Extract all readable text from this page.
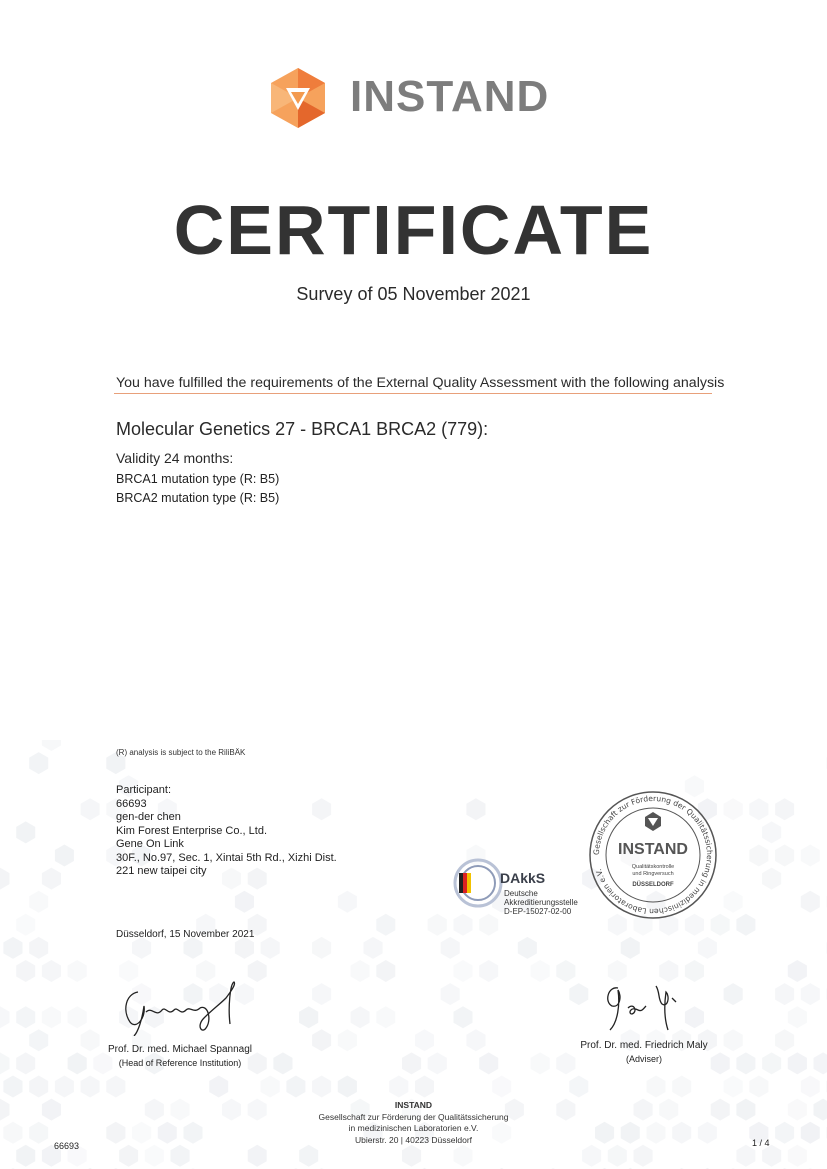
INSTAND
CERTIFICATE
Survey of 05 November 2021
You have fulfilled the requirements of the External Quality Assessment with the following analysis
Molecular Genetics 27 - BRCA1 BRCA2 (779):
Validity 24 months:
BRCA1 mutation type (R: B5)
BRCA2 mutation type (R: B5)
(R) analysis is subject to the RiliBÄK
Participant:
66693
gen-der chen
Kim Forest Enterprise Co., Ltd.
Gene On Link
30F., No.97, Sec. 1, Xintai 5th Rd., Xizhi Dist.
221 new taipei city	DAkkS
Deutsche
Akkreditierungsstelle
D-EP-15027-02-00
Gesellschaft zur Förderung der Qualitätssicherung in medizinischen Laboratorien e.V.
INSTAND
Qualitätskontrolle
und Ringversuch
DÜSSELDORF
Düsseldorf, 15 November 2021
Prof. Dr. med. Michael Spannagl
(Head of Reference Institution)
Prof. Dr. med. Friedrich Maly
(Adviser)
INSTAND
Gesellschaft zur Förderung der Qualitätssicherung
in medizinischen Laboratorien e.V.
Ubierstr. 20 | 40223 Düsseldorf
66693	1 / 4
